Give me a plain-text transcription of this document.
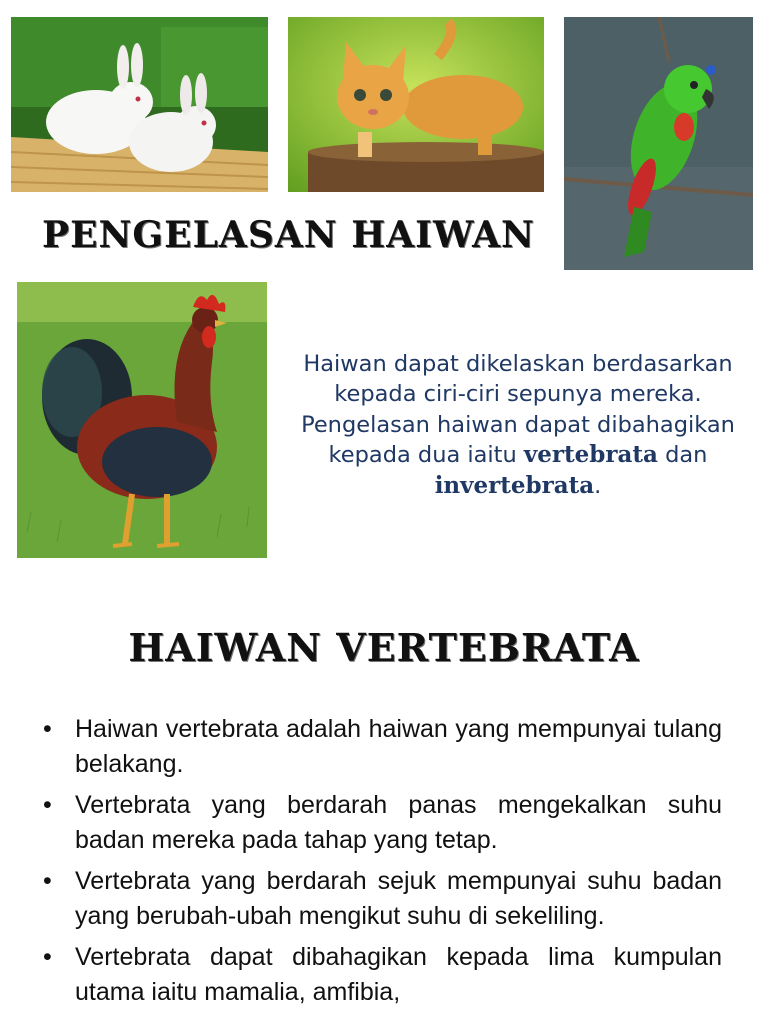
PENGELASAN HAIWAN

Haiwan dapat dikelaskan berdasarkan kepada ciri-ciri sepunya mereka. Pengelasan haiwan dapat dibahagikan kepada dua iaitu vertebrata dan invertebrata.

HAIWAN VERTEBRATA
• Haiwan vertebrata adalah haiwan yang mempunyai tulang belakang.
• Vertebrata yang berdarah panas mengekalkan suhu badan mereka pada tahap yang tetap.
• Vertebrata yang berdarah sejuk mempunyai suhu badan yang berubah-ubah mengikut suhu di sekeliling.
• Vertebrata dapat dibahagikan kepada lima kumpulan utama iaitu mamalia, amfibia,
